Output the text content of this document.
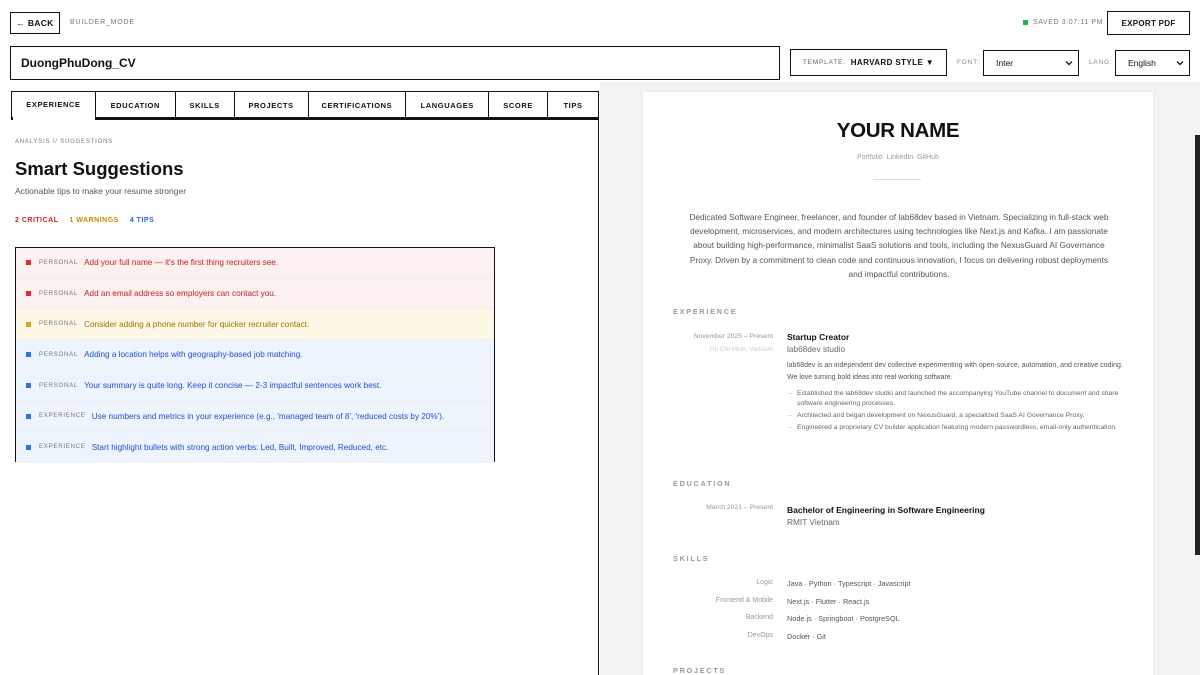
← BACK	BUILDER_MODE	SAVED 3:07:11 PM	EXPORT PDF
DuongPhuDong_CV	TEMPLATE: HARVARD STYLE ▼	FONT: Inter	LANG: English
EXPERIENCE	EDUCATION	SKILLS	PROJECTS	CERTIFICATIONS	LANGUAGES	SCORE	TIPS
ANALYSIS // SUGGESTIONS
Smart Suggestions
Actionable tips to make your resume stronger
2 CRITICAL 1 WARNINGS 4 TIPS
PERSONAL Add your full name — it's the first thing recruiters see.
PERSONAL Add an email address so employers can contact you.
PERSONAL Consider adding a phone number for quicker recruiter contact.
PERSONAL Adding a location helps with geography-based job matching.
PERSONAL Your summary is quite long. Keep it concise — 2-3 impactful sentences work best.
EXPERIENCE Use numbers and metrics in your experience (e.g., 'managed team of 8', 'reduced costs by 20%').
EXPERIENCE Start highlight bullets with strong action verbs: Led, Built, Improved, Reduced, etc.
YOUR NAME
Portfolio LinkedIn GitHub
Dedicated Software Engineer, freelancer, and founder of lab68dev based in Vietnam. Specializing in full-stack web development, microservices, and modern architectures using technologies like Next.js and Kafka. I am passionate about building high-performance, minimalist SaaS solutions and tools, including the NexusGuard AI Governance Proxy. Driven by a commitment to clean code and continuous innovation, I focus on delivering robust deployments and impactful contributions.
EXPERIENCE
November 2025 – Present
Ho Chi Minh, Vietnam
Startup Creator
lab68dev studio
lab68dev is an independent dev collective experimenting with open-source, automation, and creative coding. We love turning bold ideas into real working software.
– Established the lab68dev studio and launched the accompanying YouTube channel to document and share software engineering processes.
– Architected and began development on NexusGuard, a specialized SaaS AI Governance Proxy.
– Engineered a proprietary CV builder application featuring modern passwordless, email-only authentication.
EDUCATION
March 2021 – Present Bachelor of Engineering in Software Engineering
RMIT Vietnam
SKILLS
Logic Java · Python · Typescript · Javascript
Frontend & Mobile Next.js · Flutter · React.js
Backend Node.js · Springboot · PostgreSQL
DevOps Docker · Git
PROJECTS
